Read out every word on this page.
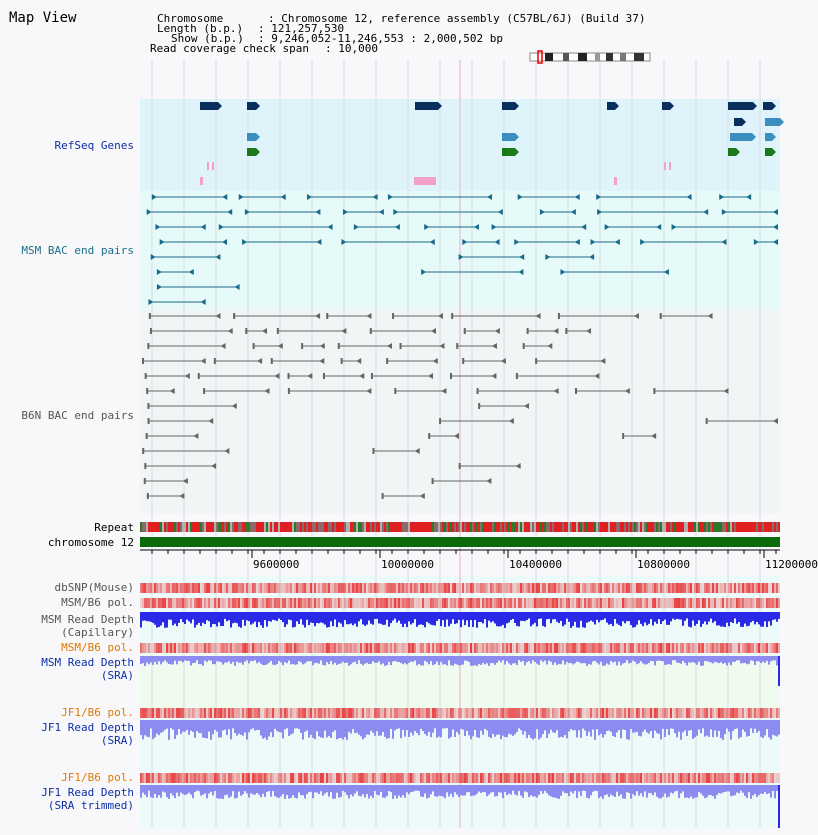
Map View	Chromosome	: Chromosome 12, reference assembly (C57BL/6J) (Build 37)
Length (b.p.) : 121,257,530
Show (b.p.) : 9,246,052-11,246,553 : 2,000,502 bp
Read coverage check span : 10,000
RefSeq Genes
MSM BAC end pairs
B6N BAC end pairs
Repeat
chromosome 12
dbSNP(Mouse)
MSM/B6 pol.
MSM Read Depth
(Capillary)
MSM/B6 pol.
MSM Read Depth
(SRA)
JF1/B6 pol.
JF1 Read Depth
(SRA)
JF1/B6 pol.
JF1 Read Depth
(SRA trimmed)
9600000	10000000	10400000	10800000	11200000
